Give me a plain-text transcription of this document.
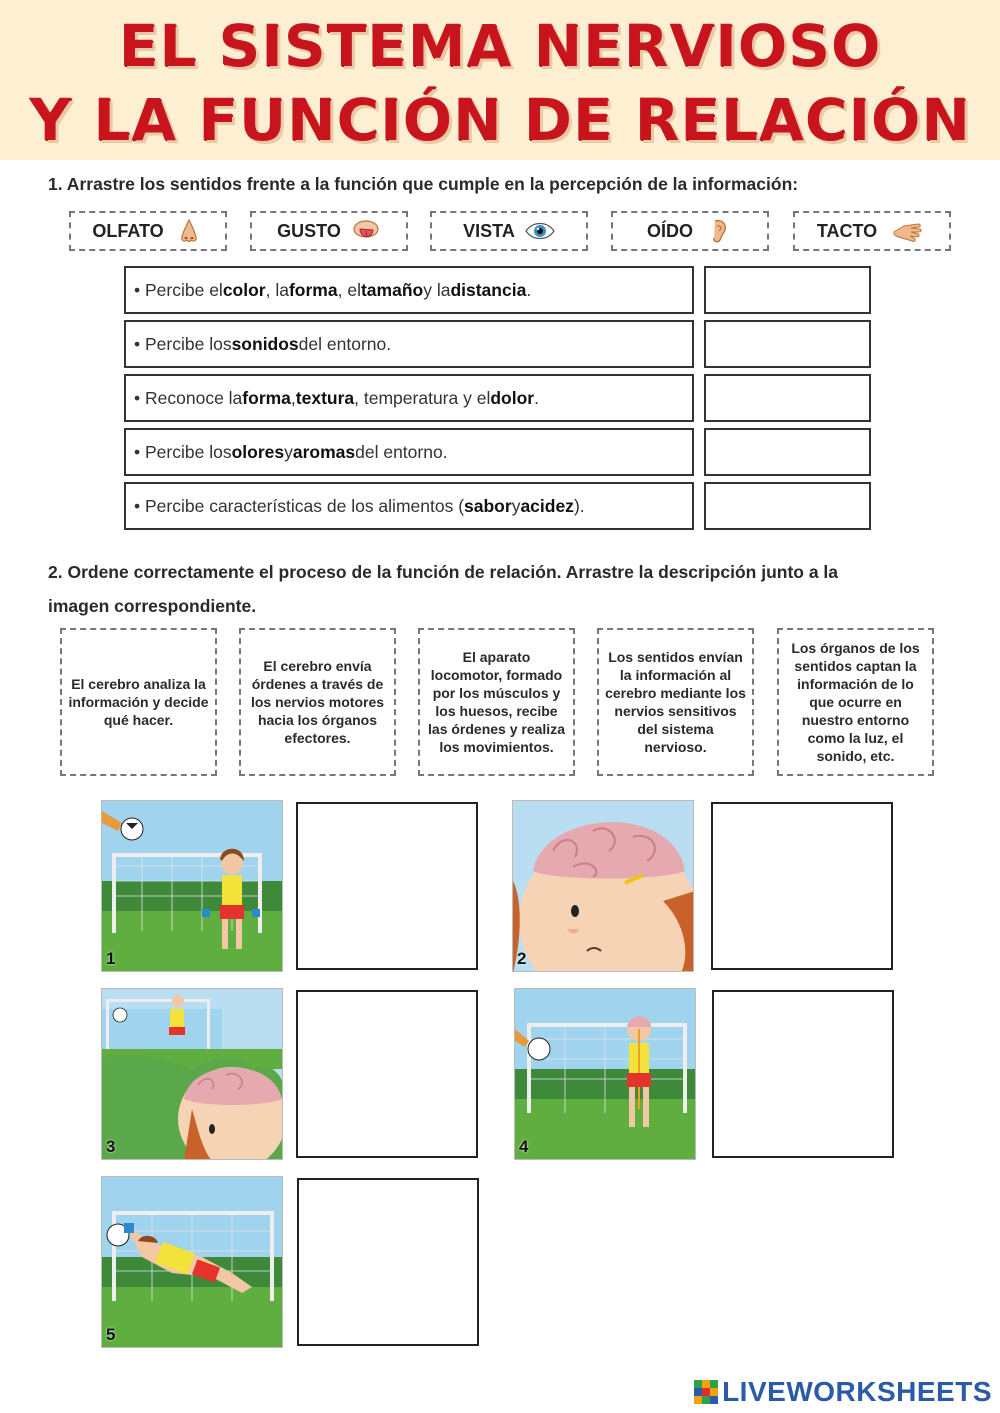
EL SISTEMA NERVIOSO
Y LA FUNCIÓN DE RELACIÓN
1. Arrastre los sentidos frente a la función que cumple en la percepción de la información:
OLFATO	GUSTO	VISTA	OÍDO	TACTO
• Percibe el color , la forma , el tamaño y la distancia .
• Percibe los sonidos del entorno.
• Reconoce la forma , textura , temperatura y el dolor .
• Percibe los olores y aromas del entorno.
• Percibe características de los alimentos ( sabor y acidez ).
2. Ordene correctamente el proceso de la función de relación. Arrastre la descripción junto a la
imagen correspondiente.
El cerebro analiza la información y decide qué hacer.
El cerebro envía órdenes a través de los nervios motores hacia los órganos efectores.
El aparato locomotor, formado por los músculos y los huesos, recibe las órdenes y realiza los movimientos.
Los sentidos envían la información al cerebro mediante los nervios sensitivos del sistema nervioso.
Los órganos de los sentidos captan la información de lo que ocurre en nuestro entorno como la luz, el sonido, etc.
1	2
3	4
5
LIVEWORKSHEETS
